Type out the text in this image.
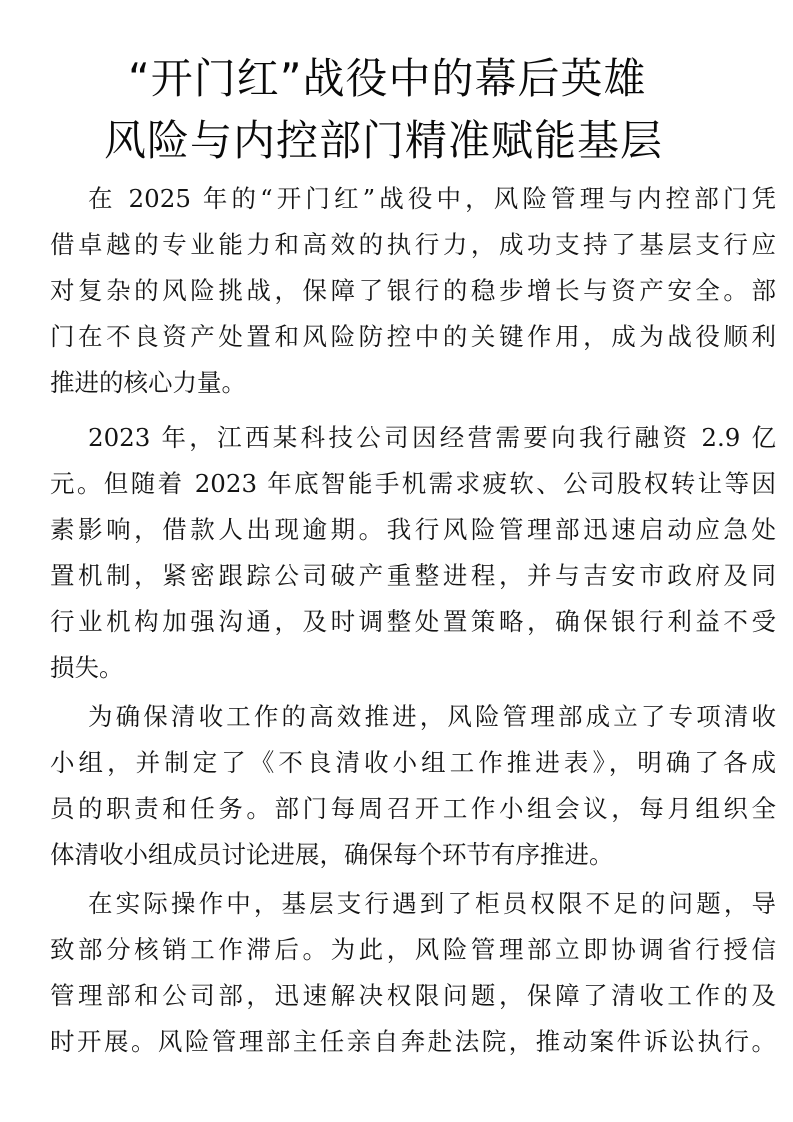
“开门红”战役中的幕后英雄
风险与内控部门精准赋能基层
在 2025 年的“开门红”战役中，风险管理与内控部门凭
借卓越的专业能力和高效的执行力，成功支持了基层支行应
对复杂的风险挑战，保障了银行的稳步增长与资产安全。部
门在不良资产处置和风险防控中的关键作用，成为战役顺利
推进的核心力量。
2023 年，江西某科技公司因经营需要向我行融资 2.9 亿
元。但随着 2023 年底智能手机需求疲软、公司股权转让等因
素影响，借款人出现逾期。我行风险管理部迅速启动应急处
置机制，紧密跟踪公司破产重整进程，并与吉安市政府及同
行业机构加强沟通，及时调整处置策略，确保银行利益不受
损失。
为确保清收工作的高效推进，风险管理部成立了专项清收
小组，并制定了《不良清收小组工作推进表》，明确了各成
员的职责和任务。部门每周召开工作小组会议，每月组织全
体清收小组成员讨论进展，确保每个环节有序推进。
在实际操作中，基层支行遇到了柜员权限不足的问题，导
致部分核销工作滞后。为此，风险管理部立即协调省行授信
管理部和公司部，迅速解决权限问题，保障了清收工作的及
时开展。风险管理部主任亲自奔赴法院，推动案件诉讼执行。
